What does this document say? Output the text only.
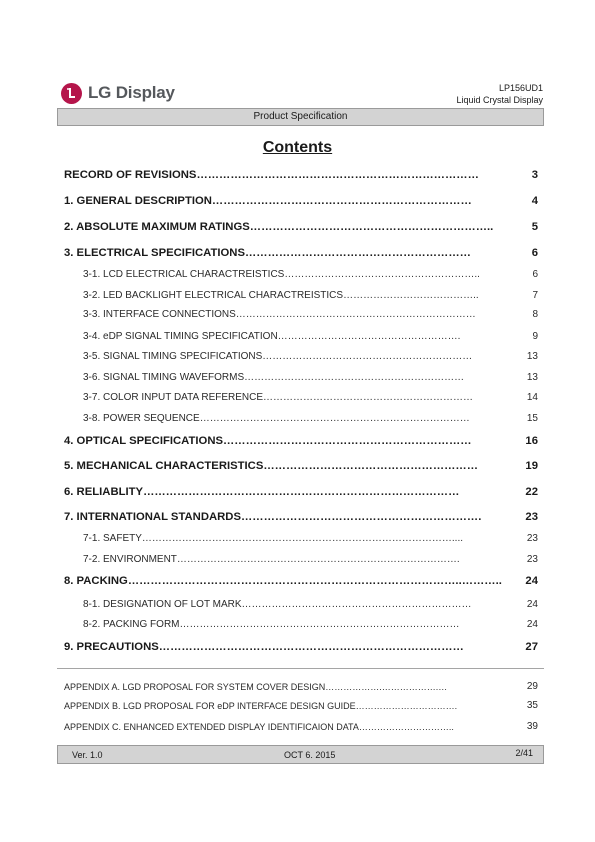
LG Display	LP156UD1
Liquid Crystal Display
Product Specification
Contents
RECORD OF REVISIONS…………………………………………………………………	3
1. GENERAL DESCRIPTION……………………………………………………………	4
2. ABSOLUTE MAXIMUM RATINGS………………………………………………………..	5
3. ELECTRICAL SPECIFICATIONS……………………………………………………	6
3-1. LCD ELECTRICAL CHARACTREISTICS…………………………………………………..	6
3-2. LED BACKLIGHT ELECTRICAL CHARACTREISTICS…………………………………..	7
3-3. INTERFACE CONNECTIONS………………………………………………………………	8
3-4. eDP SIGNAL TIMING SPECIFICATION……………………………………………….	9
3-5. SIGNAL TIMING SPECIFICATIONS………………………………………………………	13
3-6. SIGNAL TIMING WAVEFORMS…………………………………………………………	13
3-7. COLOR INPUT DATA REFERENCE………………………………………………………	14
3-8. POWER SEQUENCE………………………………………………………………………	15
4. OPTICAL SPECIFICATIONS…………………………………………………………	16
5. MECHANICAL CHARACTERISTICS…………………………………………………	19
6. RELIABLITY…………………………………………………………………………	22
7. INTERNATIONAL STANDARDS……………………………………………………….	23
7-1. SAFETY…………………………………………………………………………………....	23
7-2. ENVIRONMENT………………………………………………………………………….	23
8. PACKING……………………………………………………………………………..……….. 24
8-1. DESIGNATION OF LOT MARK……………………………………………………………	24
8-2. PACKING FORM…………………………………………………………………………	24
9. PRECAUTIONS………………………………………………………………………	27
APPENDIX A. LGD PROPOSAL FOR SYSTEM COVER DESIGN……………….……………….…	29
APPENDIX B. LGD PROPOSAL FOR eDP INTERFACE DESIGN GUIDE…………………………….	35
APPENDIX C. ENHANCED EXTENDED DISPLAY IDENTIFICAION DATA…………………………..	39
Ver. 1.0	OCT 6. 2015	2/41
